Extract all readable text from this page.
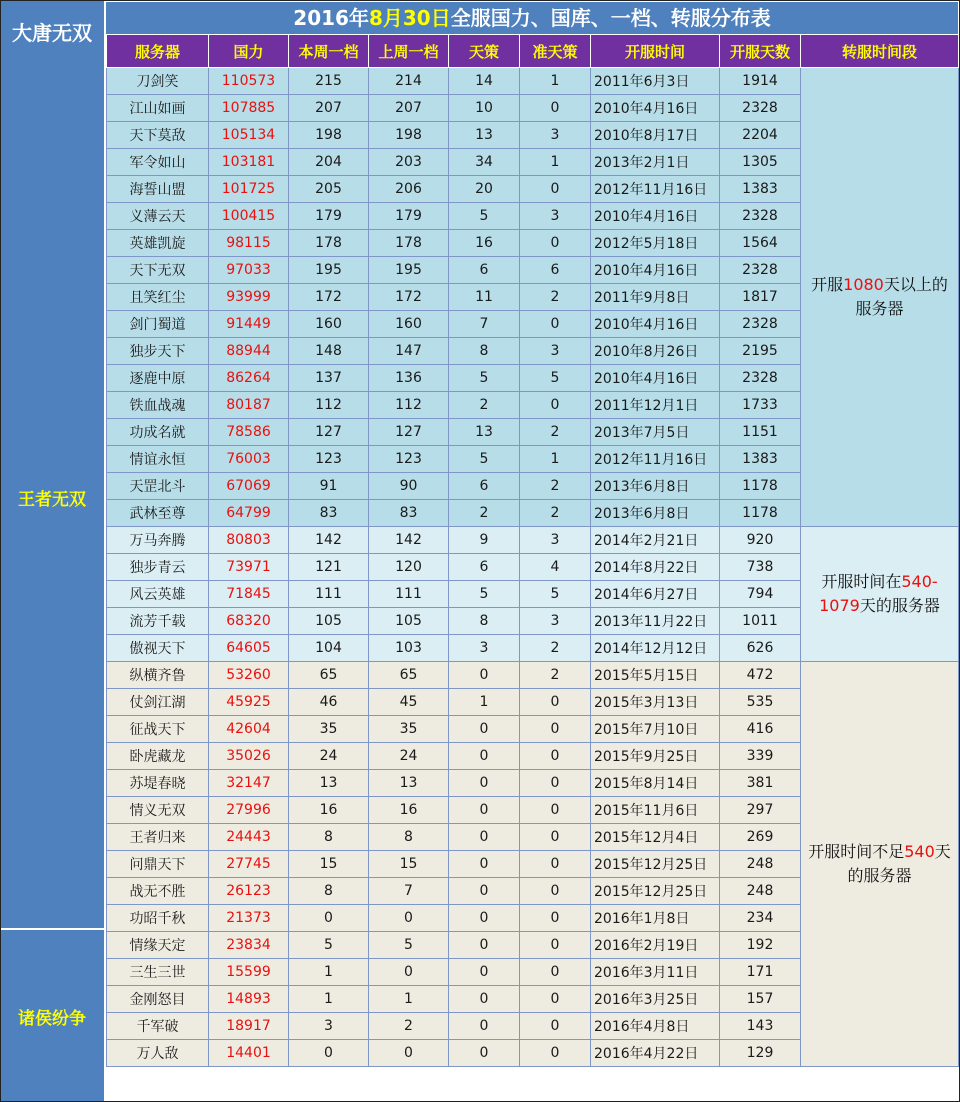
大唐无双
2016年8月30日全服国力、国库、一档、转服分布表
王者无双
诸侯纷争
服务器	国力	本周一档	上周一档	天策	准天策	开服时间	开服天数	转服时间段
刀剑笑	110573	215	214	14	1	2011年6月3日	1914	开服1080天以上的服务器
江山如画	107885	207	207	10	0	2010年4月16日	2328	
天下莫敌	105134	198	198	13	3	2010年8月17日	2204	
军令如山	103181	204	203	34	1	2013年2月1日	1305	
海誓山盟	101725	205	206	20	0	2012年11月16日	1383	
义薄云天	100415	179	179	5	3	2010年4月16日	2328	
英雄凯旋	98115	178	178	16	0	2012年5月18日	1564	
天下无双	97033	195	195	6	6	2010年4月16日	2328	
且笑红尘	93999	172	172	11	2	2011年9月8日	1817	
剑门蜀道	91449	160	160	7	0	2010年4月16日	2328	
独步天下	88944	148	147	8	3	2010年8月26日	2195	
逐鹿中原	86264	137	136	5	5	2010年4月16日	2328	
铁血战魂	80187	112	112	2	0	2011年12月1日	1733	
功成名就	78586	127	127	13	2	2013年7月5日	1151	
情谊永恒	76003	123	123	5	1	2012年11月16日	1383	
天罡北斗	67069	91	90	6	2	2013年6月8日	1178	
武林至尊	64799	83	83	2	2	2013年6月8日	1178	
万马奔腾	80803	142	142	9	3	2014年2月21日	920	开服时间在540-1079天的服务器
独步青云	73971	121	120	6	4	2014年8月22日	738	
风云英雄	71845	111	111	5	5	2014年6月27日	794	
流芳千载	68320	105	105	8	3	2013年11月22日	1011	
傲视天下	64605	104	103	3	2	2014年12月12日	626	
纵横齐鲁	53260	65	65	0	2	2015年5月15日	472	开服时间不足540天的服务器
仗剑江湖	45925	46	45	1	0	2015年3月13日	535	
征战天下	42604	35	35	0	0	2015年7月10日	416	
卧虎藏龙	35026	24	24	0	0	2015年9月25日	339	
苏堤春晓	32147	13	13	0	0	2015年8月14日	381	
情义无双	27996	16	16	0	0	2015年11月6日	297	
王者归来	24443	8	8	0	0	2015年12月4日	269	
问鼎天下	27745	15	15	0	0	2015年12月25日	248	
战无不胜	26123	8	7	0	0	2015年12月25日	248	
功昭千秋	21373	0	0	0	0	2016年1月8日	234	
情缘天定	23834	5	5	0	0	2016年2月19日	192	
三生三世	15599	1	0	0	0	2016年3月11日	171	
金刚怒目	14893	1	1	0	0	2016年3月25日	157	
千军破	18917	3	2	0	0	2016年4月8日	143	
万人敌	14401	0	0	0	0	2016年4月22日	129	
